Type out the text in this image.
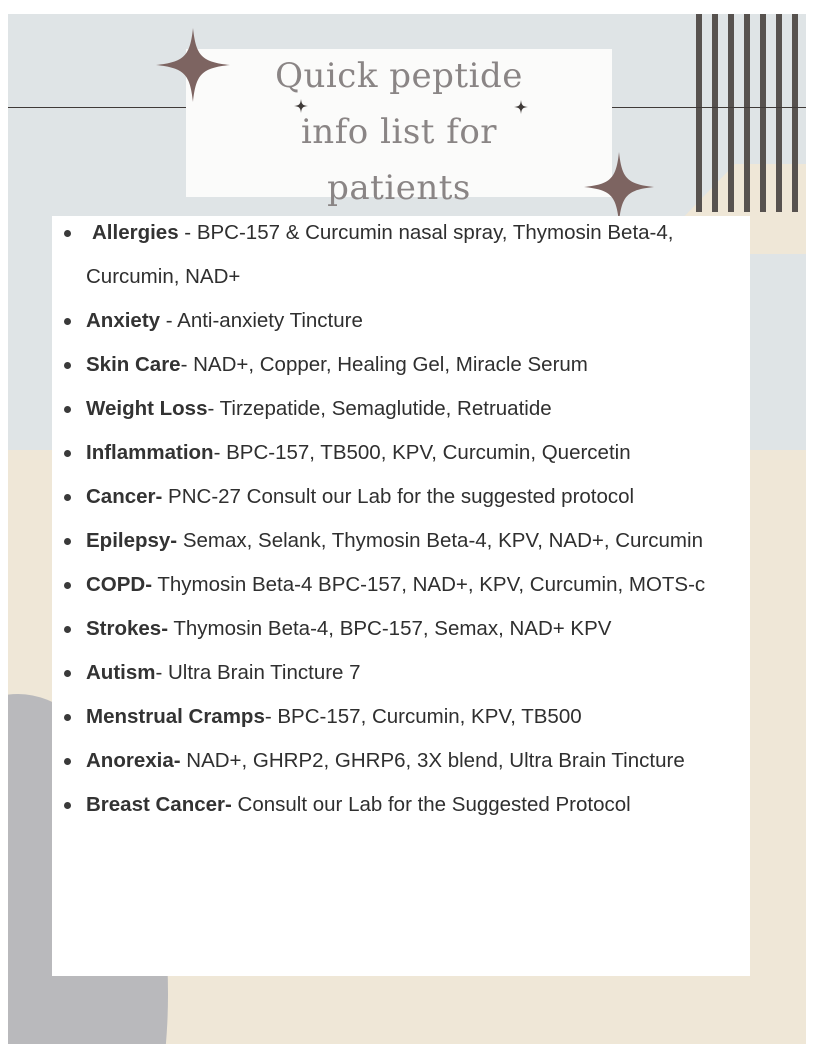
Quick peptide
info list for
patients
Allergies - BPC-157 & Curcumin nasal spray, Thymosin Beta-4, Curcumin, NAD+
Anxiety - Anti-anxiety Tincture
Skin Care- NAD+, Copper, Healing Gel, Miracle Serum
Weight Loss- Tirzepatide, Semaglutide, Retruatide
Inflammation- BPC-157, TB500, KPV, Curcumin, Quercetin
Cancer- PNC-27 Consult our Lab for the suggested protocol
Epilepsy- Semax, Selank, Thymosin Beta-4, KPV, NAD+, Curcumin
COPD- Thymosin Beta-4 BPC-157, NAD+, KPV, Curcumin, MOTS-c
Strokes- Thymosin Beta-4, BPC-157, Semax, NAD+ KPV
Autism- Ultra Brain Tincture 7
Menstrual Cramps- BPC-157, Curcumin, KPV, TB500
Anorexia- NAD+, GHRP2, GHRP6, 3X blend, Ultra Brain Tincture
Breast Cancer- Consult our Lab for the Suggested Protocol
